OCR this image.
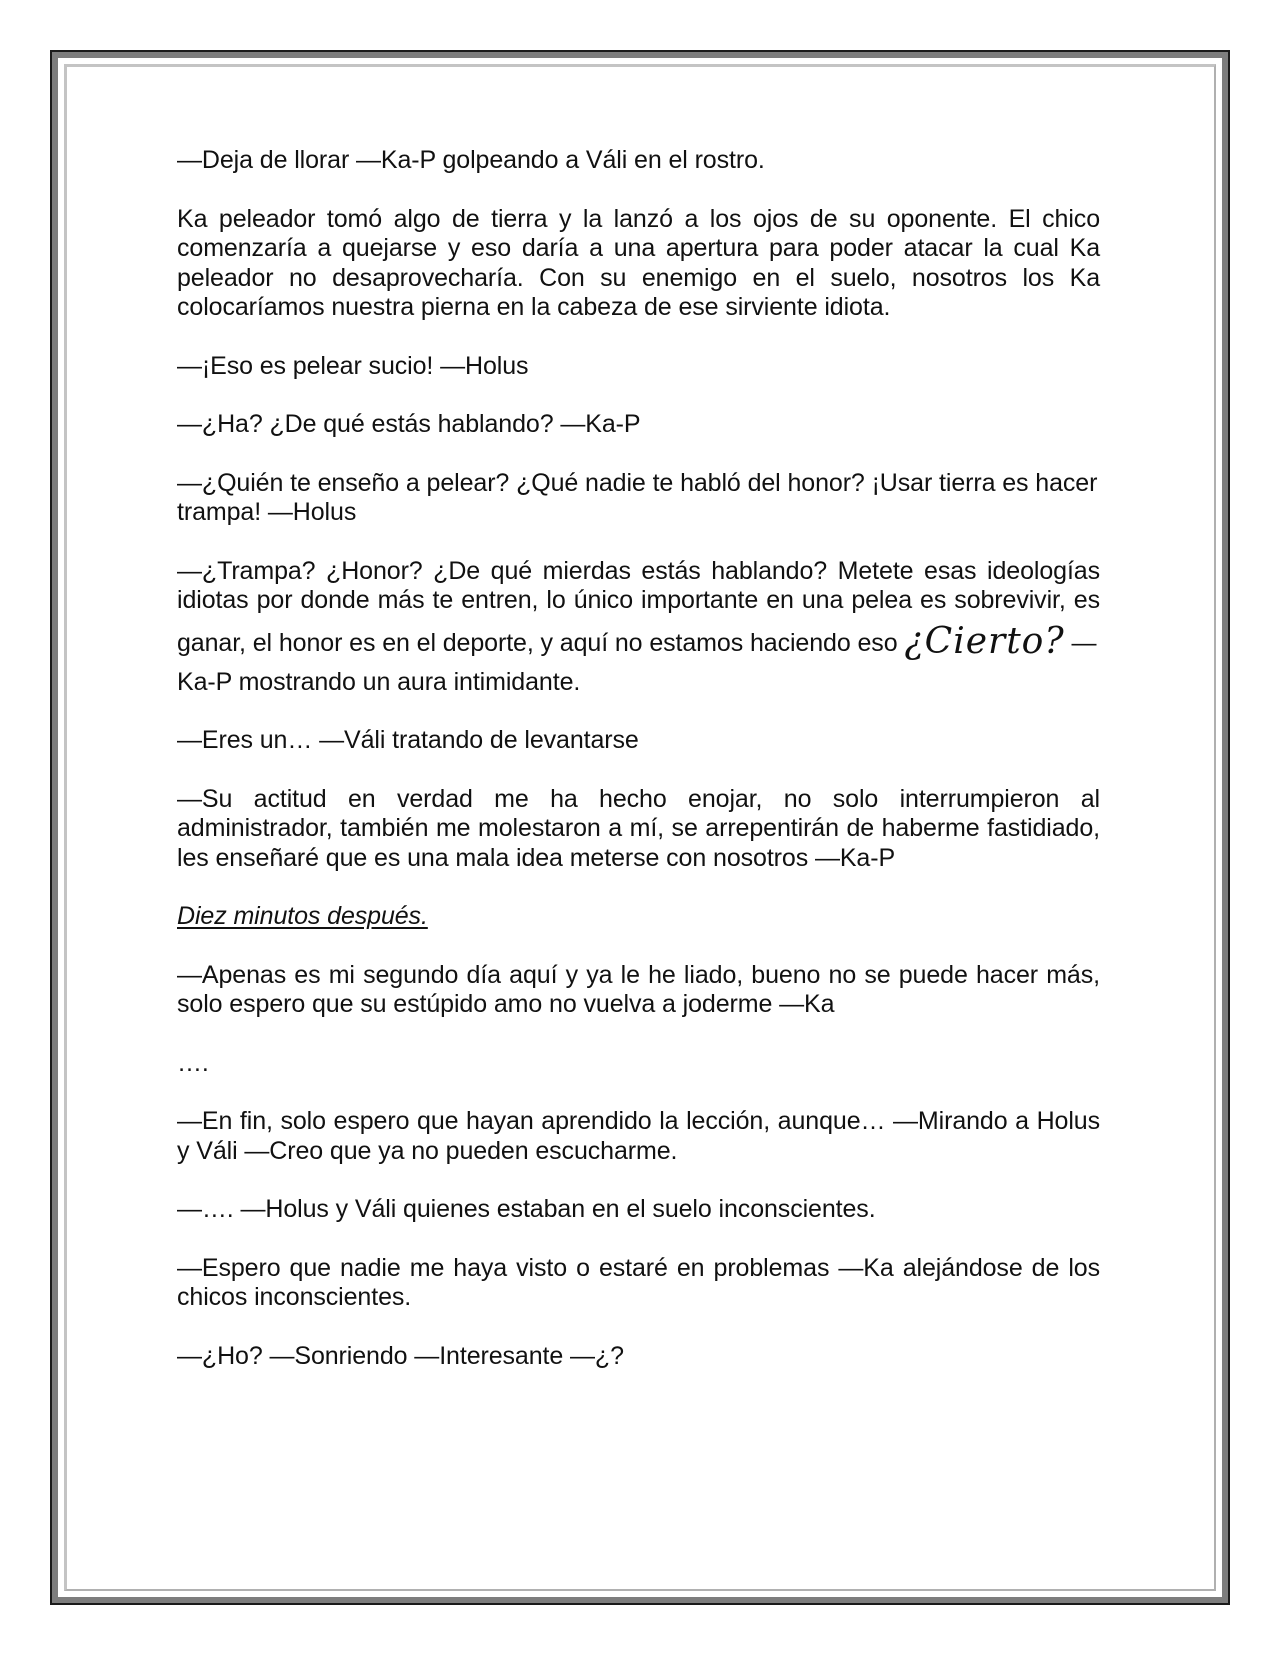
—Deja de llorar —Ka-P golpeando a Váli en el rostro.

Ka peleador tomó algo de tierra y la lanzó a los ojos de su oponente. El chico comenzaría a quejarse y eso daría a una apertura para poder atacar la cual Ka peleador no desaprovecharía. Con su enemigo en el suelo, nosotros los Ka colocaríamos nuestra pierna en la cabeza de ese sirviente idiota.

—¡Eso es pelear sucio! —Holus

—¿Ha? ¿De qué estás hablando? —Ka-P

—¿Quién te enseño a pelear? ¿Qué nadie te habló del honor? ¡Usar tierra es hacer trampa! —Holus

—¿Trampa? ¿Honor? ¿De qué mierdas estás hablando? Metete esas ideologías idiotas por donde más te entren, lo único importante en una pelea es sobrevivir, es ganar, el honor es en el deporte, y aquí no estamos haciendo eso ¿Cierto? —
Ka-P mostrando un aura intimidante.

—Eres un… —Váli tratando de levantarse

—Su actitud en verdad me ha hecho enojar, no solo interrumpieron al administrador, también me molestaron a mí, se arrepentirán de haberme fastidiado, les enseñaré que es una mala idea meterse con nosotros —Ka-P

Diez minutos después.

—Apenas es mi segundo día aquí y ya le he liado, bueno no se puede hacer más, solo espero que su estúpido amo no vuelva a joderme —Ka

….

—En fin, solo espero que hayan aprendido la lección, aunque… —Mirando a Holus y Váli —Creo que ya no pueden escucharme.

—…. —Holus y Váli quienes estaban en el suelo inconscientes.

—Espero que nadie me haya visto o estaré en problemas —Ka alejándose de los chicos inconscientes.

—¿Ho? —Sonriendo —Interesante —¿?
